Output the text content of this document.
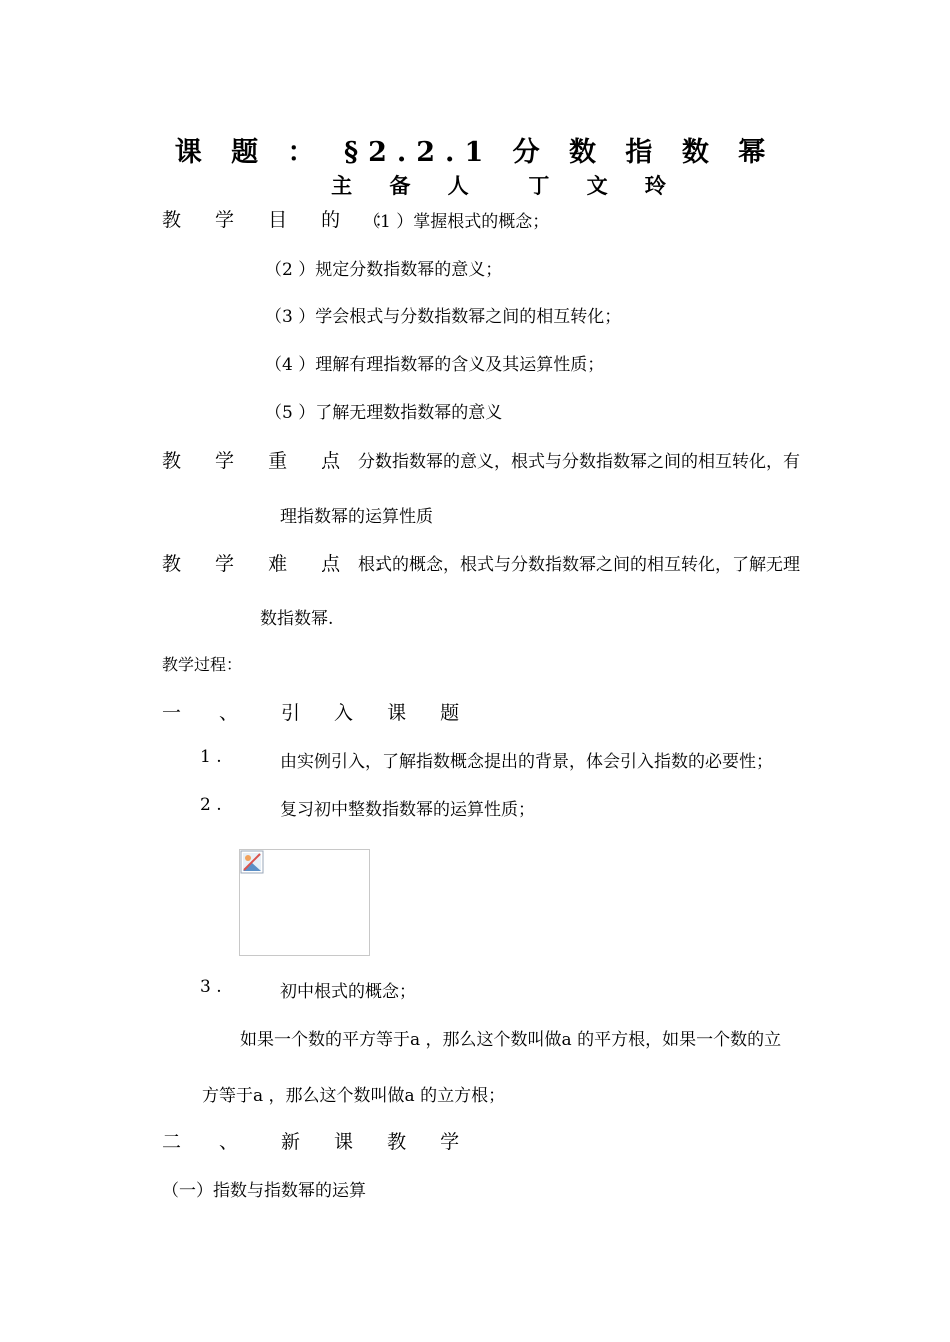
课 题 ： §2.2.1 分 数 指 数 幂
主 备 人 丁 文 玲
教 学 目 的 ：
（1 ）掌握根式的概念；
（2 ）规定分数指数幂的意义；
（3 ）学会根式与分数指数幂之间的相互转化；
（4 ）理解有理指数幂的含义及其运算性质；
（5 ）了解无理数指数幂的意义
教 学 重 点 ：
分数指数幂的意义，根式与分数指数幂之间的相互转化，有
理指数幂的运算性质
教 学 难 点 ：
根式的概念，根式与分数指数幂之间的相互转化，了解无理
数指数幂.
教学过程：
一 、 引 入 课 题
1 .	由实例引入，了解指数概念提出的背景，体会引入指数的必要性；
2 .	复习初中整数指数幂的运算性质；
3 .	初中根式的概念；
如果一个数的平方等于a ，那么这个数叫做a 的平方根，如果一个数的立
方等于a ，那么这个数叫做a 的立方根；
二 、 新 课 教 学
（一）指数与指数幂的运算
